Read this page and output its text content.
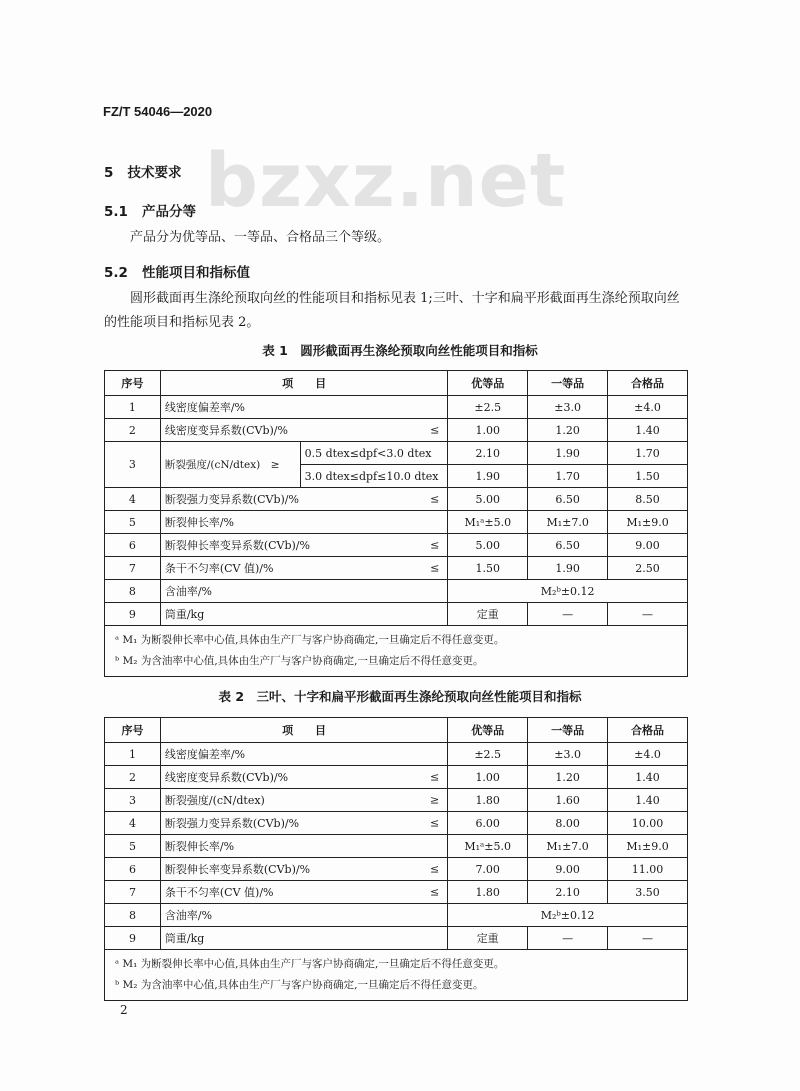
FZ/T 54046—2020
bzxz.net
5 技术要求
5.1 产品分等
产品分为优等品、一等品、合格品三个等级。
5.2 性能项目和指标值
圆形截面再生涤纶预取向丝的性能项目和指标见表 1;三叶、十字和扁平形截面再生涤纶预取向丝的性能项目和指标见表 2。
表 1　圆形截面再生涤纶预取向丝性能项目和指标
序号	项　　目		优等品	一等品	合格品
1	线密度偏差率/%		±2.5	±3.0	±4.0
2	线密度变异系数(CVb)/% ≤		1.00	1.20	1.40
3	断裂强度/(cN/dtex)　≥	0.5 dtex≤dpf<3.0 dtex	2.10	1.90	1.70
		3.0 dtex≤dpf≤10.0 dtex	1.90	1.70	1.50
4	断裂强力变异系数(CVb)/% ≤		5.00	6.50	8.50
5	断裂伸长率/%		M₁ᵃ±5.0	M₁±7.0	M₁±9.0
6	断裂伸长率变异系数(CVb)/% ≤		5.00	6.50	9.00
7	条干不匀率(CV 值)/% ≤		1.50	1.90	2.50
8	含油率/%		M₂ᵇ±0.12		
9	筒重/kg		定重	—	—

ᵃ M₁ 为断裂伸长率中心值,具体由生产厂与客户协商确定,一旦确定后不得任意变更。
ᵇ M₂ 为含油率中心值,具体由生产厂与客户协商确定,一旦确定后不得任意变更。					
表 2　三叶、十字和扁平形截面再生涤纶预取向丝性能项目和指标
序号	项　　目	优等品	一等品	合格品
1	线密度偏差率/%	±2.5	±3.0	±4.0
2	线密度变异系数(CVb)/% ≤	1.00	1.20	1.40
3	断裂强度/(cN/dtex) ≥	1.80	1.60	1.40
4	断裂强力变异系数(CVb)/% ≤	6.00	8.00	10.00
5	断裂伸长率/%	M₁ᵃ±5.0	M₁±7.0	M₁±9.0
6	断裂伸长率变异系数(CVb)/% ≤	7.00	9.00	11.00
7	条干不匀率(CV 值)/% ≤	1.80	2.10	3.50
8	含油率/%	M₂ᵇ±0.12		
9	筒重/kg	定重	—	—

ᵃ M₁ 为断裂伸长率中心值,具体由生产厂与客户协商确定,一旦确定后不得任意变更。
ᵇ M₂ 为含油率中心值,具体由生产厂与客户协商确定,一旦确定后不得任意变更。				
2
